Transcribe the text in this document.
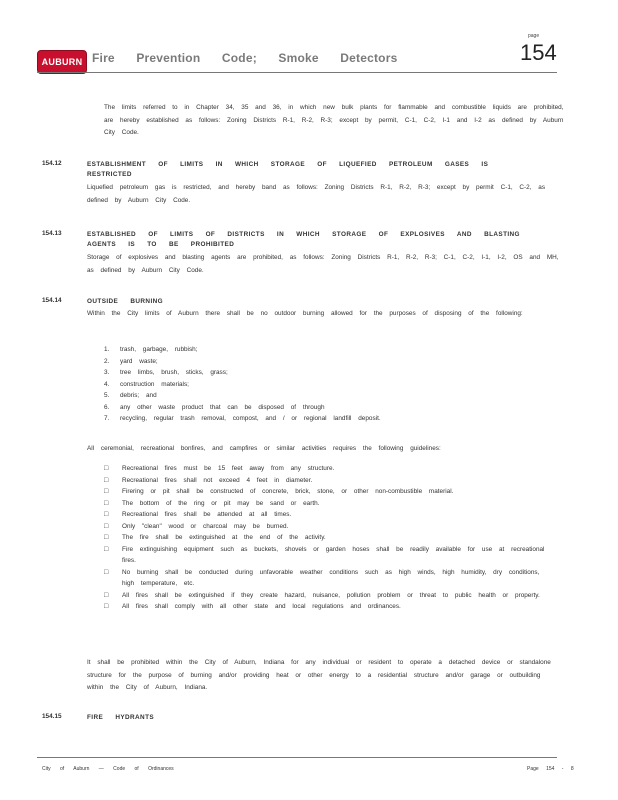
AUBURN Fire Prevention Code; Smoke Detectors
page
154
The limits referred to in Chapter 34, 35 and 36, in which new bulk plants for flammable and combustible liquids are prohibited, are hereby established as follows: Zoning Districts R-1, R-2, R-3; except by permit, C-1, C-2, I-1 and I-2 as defined by Auburn City Code.
154.12	ESTABLISHMENT OF LIMITS IN WHICH STORAGE OF LIQUEFIED PETROLEUM GASES IS RESTRICTED
Liquefied petroleum gas is restricted, and hereby band as follows: Zoning Districts R-1, R-2, R-3; except by permit C-1, C-2, as defined by Auburn City Code.
154.13	ESTABLISHED OF LIMITS OF DISTRICTS IN WHICH STORAGE OF EXPLOSIVES AND BLASTING AGENTS IS TO BE PROHIBITED
Storage of explosives and blasting agents are prohibited, as follows: Zoning Districts R-1, R-2, R-3; C-1, C-2, I-1, I-2, OS and MH, as defined by Auburn City Code.
154.14	OUTSIDE BURNING
Within the City limits of Auburn there shall be no outdoor burning allowed for the purposes of disposing of the following:
1. trash, garbage, rubbish;
2. yard waste;
3. tree limbs, brush, sticks, grass;
4. construction materials;
5. debris; and
6. any other waste product that can be disposed of through
7. recycling, regular trash removal, compost, and / or regional landfill deposit.
All ceremonial, recreational bonfires, and campfires or similar activities requires the following guidelines:
□	Recreational fires must be 15 feet away from any structure.
□	Recreational fires shall not exceed 4 feet in diameter.
□	Firering or pit shall be constructed of concrete, brick, stone, or other non-combustible material.
□	The bottom of the ring or pit may be sand or earth.
□	Recreational fires shall be attended at all times.
□	Only "clean" wood or charcoal may be burned.
□	The fire shall be extinguished at the end of the activity.
□	Fire extinguishing equipment such as buckets, shovels or garden hoses shall be readily available for use at recreational fires.
□	No burning shall be conducted during unfavorable weather conditions such as high winds, high humidity, dry conditions, high temperature, etc.
□	All fires shall be extinguished if they create hazard, nuisance, pollution problem or threat to public health or property.
□	All fires shall comply with all other state and local regulations and ordinances.
It shall be prohibited within the City of Auburn, Indiana for any individual or resident to operate a detached device or standalone structure for the purpose of burning and/or providing heat or other energy to a residential structure and/or garage or outbuilding within the City of Auburn, Indiana.
154.15	FIRE HYDRANTS
City of Auburn — Code of Ordinances	Page 154 - 8
